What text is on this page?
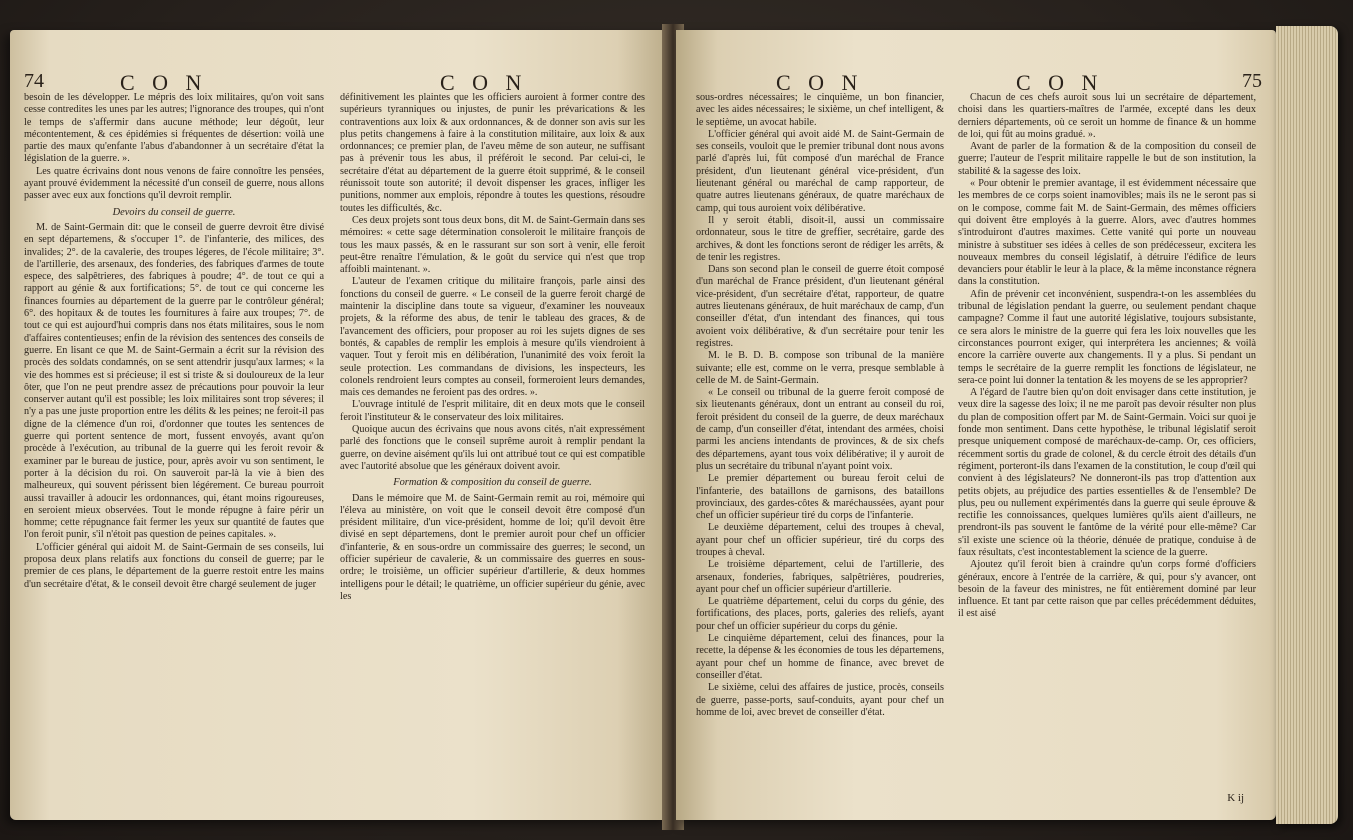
74	C O N	C O N

besoin de les développer. Le mépris des loix militaires, qu'on voit sans cesse contredites les unes par les autres; l'ignorance des troupes, qui n'ont le temps de s'affermir dans aucune méthode; leur dégoût, leur mécontentement, & ces épidémies si fréquentes de désertion: voilà une partie des maux qu'enfante l'abus d'abandonner à un secrétaire d'état la législation de la guerre. ».

Les quatre écrivains dont nous venons de faire connoître les pensées, ayant prouvé évidemment la nécessité d'un conseil de guerre, nous allons passer avec eux aux fonctions qu'il devroit remplir.

Devoirs du conseil de guerre.

M. de Saint-Germain dit: que le conseil de guerre devroit être divisé en sept départemens, & s'occuper 1°. de l'infanterie, des milices, des invalides; 2°. de la cavalerie, des troupes légeres, de l'école militaire; 3°. de l'artillerie, des arsenaux, des fonderies, des fabriques d'armes de toute espece, des salpêtrieres, des fabriques à poudre; 4°. de tout ce qui a rapport au génie & aux fortifications; 5°. de tout ce qui concerne les finances fournies au département de la guerre par le contrôleur général; 6°. des hopitaux & de toutes les fournitures à faire aux troupes; 7°. de tout ce qui est aujourd'hui compris dans nos états militaires, sous le nom d'affaires contentieuses; enfin de la révision des sentences des conseils de guerre. En lisant ce que M. de Saint-Germain a écrit sur la révision des procès des soldats condamnés, on se sent attendrir jusqu'aux larmes; « la vie des hommes est si précieuse; il est si triste & si douloureux de la leur ôter, que l'on ne peut prendre assez de précautions pour pouvoir la leur conserver autant qu'il est possible; les loix militaires sont trop séveres; il n'y a pas une juste proportion entre les délits & les peines; ne feroit-il pas digne de la clémence d'un roi, d'ordonner que toutes les sentences de guerre qui portent sentence de mort, fussent envoyés, avant qu'on procède à l'exécution, au tribunal de la guerre qui les feroit revoir & examiner par le bureau de justice, pour, après avoir vu son sentiment, le porter à la décision du roi. On sauveroit par-là la vie à bien des malheureux, qui souvent périssent bien légérement. Ce bureau pourroit aussi travailler à adoucir les ordonnances, qui, étant moins rigoureuses, en seroient mieux observées. Tout le monde répugne à faire périr un homme; cette répugnance fait fermer les yeux sur quantité de fautes que l'on feroit punir, s'il n'étoit pas question de peines capitales. ».

L'officier général qui aidoit M. de Saint-Germain de ses conseils, lui proposa deux plans relatifs aux fonctions du conseil de guerre; par le premier de ces plans, le département de la guerre restoit entre les mains d'un secrétaire d'état, & le conseil devoit être chargé seulement de juger

définitivement les plaintes que les officiers auroient à former contre des supérieurs tyranniques ou injustes, de punir les prévarications & les contraventions aux loix & aux ordonnances, & de donner son avis sur les plus petits changemens à faire à la constitution militaire, aux loix & aux ordonnances; ce premier plan, de l'aveu même de son auteur, ne suffisant pas à prévenir tous les abus, il préféroit le second. Par celui-ci, le secrétaire d'état au département de la guerre étoit supprimé, & le conseil réunissoit toute son autorité; il devoit dispenser les graces, infliger les punitions, nommer aux emplois, répondre à toutes les questions, résoudre toutes les difficultés, &c.

Ces deux projets sont tous deux bons, dit M. de Saint-Germain dans ses mémoires: « cette sage détermination consoleroit le militaire françois de tous les maux passés, & en le rassurant sur son sort à venir, elle feroit peut-être renaître l'émulation, & le goût du service qui n'est que trop affoibli maintenant. ».

L'auteur de l'examen critique du militaire françois, parle ainsi des fonctions du conseil de guerre. « Le conseil de la guerre feroit chargé de maintenir la discipline dans toute sa vigueur, d'examiner les nouveaux projets, & la réforme des abus, de tenir le tableau des graces, & de l'avancement des officiers, pour proposer au roi les sujets dignes de ses bontés, & capables de remplir les emplois à mesure qu'ils viendroient à vaquer. Tout y feroit mis en délibération, l'unanimité des voix feroit la seule protection. Les commandans de divisions, les inspecteurs, les colonels rendroient leurs comptes au conseil, formeroient leurs demandes, mais ces demandes ne feroient pas des ordres. ».

L'ouvrage intitulé de l'esprit militaire, dit en deux mots que le conseil feroit l'instituteur & le conservateur des loix militaires.

Quoique aucun des écrivains que nous avons cités, n'ait expressément parlé des fonctions que le conseil suprême auroit à remplir pendant la guerre, on devine aisément qu'ils lui ont attribué tout ce qui est compatible avec l'autorité absolue que les généraux doivent avoir.

Formation & composition du conseil de guerre.

Dans le mémoire que M. de Saint-Germain remit au roi, mémoire qui l'éleva au ministère, on voit que le conseil devoit être composé d'un président militaire, d'un vice-président, homme de loi; qu'il devoit être divisé en sept départemens, dont le premier auroit pour chef un officier d'infanterie, & en sous-ordre un commissaire des guerres; le second, un officier supérieur de cavalerie, & un commissaire des guerres en sous-ordre; le troisième, un officier supérieur d'artillerie, & deux hommes intelligens pour le détail; le quatrième, un officier supérieur du génie, avec les

C O N	C O N	75

sous-ordres nécessaires; le cinquième, un bon financier, avec les aides nécessaires; le sixième, un chef intelligent, & le septième, un avocat habile.

L'officier général qui avoit aidé M. de Saint-Germain de ses conseils, vouloit que le premier tribunal dont nous avons parlé d'après lui, fût composé d'un maréchal de France président, d'un lieutenant général vice-président, d'un lieutenant général ou maréchal de camp rapporteur, de quatre autres lieutenans généraux, de quatre maréchaux de camp, qui tous auroient voix délibérative.

Il y seroit établi, disoit-il, aussi un commissaire ordonnateur, sous le titre de greffier, secrétaire, garde des archives, & dont les fonctions seront de rédiger les arrêts, & de tenir les registres.

Dans son second plan le conseil de guerre étoit composé d'un maréchal de France président, d'un lieutenant général vice-président, d'un secrétaire d'état, rapporteur, de quatre autres lieutenans généraux, de huit maréchaux de camp, d'un conseiller d'état, d'un intendant des finances, qui tous avoient voix délibérative, & d'un secrétaire pour tenir les registres.

M. le B. D. B. compose son tribunal de la manière suivante; elle est, comme on le verra, presque semblable à celle de M. de Saint-Germain.

« Le conseil ou tribunal de la guerre feroit composé de six lieutenants généraux, dont un entrant au conseil du roi, feroit président du conseil de la guerre, de deux maréchaux de camp, d'un conseiller d'état, intendant des armées, choisi parmi les anciens intendants de provinces, & de six chefs des départemens, ayant tous voix délibérative; il y auroit de plus un secrétaire du tribunal n'ayant point voix.

Le premier département ou bureau feroit celui de l'infanterie, des bataillons de garnisons, des bataillons provinciaux, des gardes-côtes & maréchaussées, ayant pour chef un officier supérieur tiré du corps de l'infanterie.

Le deuxième département, celui des troupes à cheval, ayant pour chef un officier supérieur, tiré du corps des troupes à cheval.

Le troisième département, celui de l'artillerie, des arsenaux, fonderies, fabriques, salpêtrières, poudreries, ayant pour chef un officier supérieur d'artillerie.

Le quatrième département, celui du corps du génie, des fortifications, des places, ports, galeries des reliefs, ayant pour chef un officier supérieur du corps du génie.

Le cinquième département, celui des finances, pour la recette, la dépense & les économies de tous les départemens, ayant pour chef un homme de finance, avec brevet de conseiller d'état.

Le sixième, celui des affaires de justice, procès, conseils de guerre, passe-ports, sauf-conduits, ayant pour chef un homme de loi, avec brevet de conseiller d'état.

Chacun de ces chefs auroit sous lui un secrétaire de département, choisi dans les quartiers-maîtres de l'armée, excepté dans les deux derniers départements, où ce seroit un homme de finance & un homme de loi, qui fût au moins gradué. ».

Avant de parler de la formation & de la composition du conseil de guerre; l'auteur de l'esprit militaire rappelle le but de son institution, la stabilité & la sagesse des loix.

« Pour obtenir le premier avantage, il est évidemment nécessaire que les membres de ce corps soient inamovibles; mais ils ne le seront pas si on le compose, comme fait M. de Saint-Germain, des mêmes officiers qui doivent être employés à la guerre. Alors, avec d'autres hommes s'introduiront d'autres maximes. Cette vanité qui porte un nouveau ministre à substituer ses idées à celles de son prédécesseur, excitera les nouveaux membres du conseil législatif, à détruire l'édifice de leurs devanciers pour établir le leur à la place, & la même inconstance régnera dans la constitution.

Afin de prévenir cet inconvénient, suspendra-t-on les assemblées du tribunal de législation pendant la guerre, ou seulement pendant chaque campagne? Comme il faut une autorité législative, toujours subsistante, ce sera alors le ministre de la guerre qui fera les loix nouvelles que les circonstances pourront exiger, qui interprétera les anciennes; & voilà encore la carrière ouverte aux changements. Il y a plus. Si pendant un temps le secrétaire de la guerre remplit les fonctions de législateur, ne sera-ce point lui donner la tentation & les moyens de se les approprier?

A l'égard de l'autre bien qu'on doit envisager dans cette institution, je veux dire la sagesse des loix; il ne me paroît pas devoir résulter non plus du plan de composition offert par M. de Saint-Germain. Voici sur quoi je fonde mon sentiment. Dans cette hypothèse, le tribunal législatif seroit presque uniquement composé de maréchaux-de-camp. Or, ces officiers, récemment sortis du grade de colonel, & du cercle étroit des détails d'un régiment, porteront-ils dans l'examen de la constitution, le coup d'œil qui convient à des législateurs? Ne donneront-ils pas trop d'attention aux petits objets, au préjudice des parties essentielles & de l'ensemble? De plus, peu ou nullement expérimentés dans la guerre qui seule éprouve & rectifie les connoissances, quelques lumières qu'ils aient d'ailleurs, ne prendront-ils pas souvent le fantôme de la vérité pour elle-même? Car s'il existe une science où la théorie, dénuée de pratique, conduise à de faux résultats, c'est incontestablement la science de la guerre.

Ajoutez qu'il feroit bien à craindre qu'un corps formé d'officiers généraux, encore à l'entrée de la carrière, & qui, pour s'y avancer, ont besoin de la faveur des ministres, ne fût entièrement dominé par leur influence. Et tant par cette raison que par celles précédemment déduites, il est aisé

K ij
